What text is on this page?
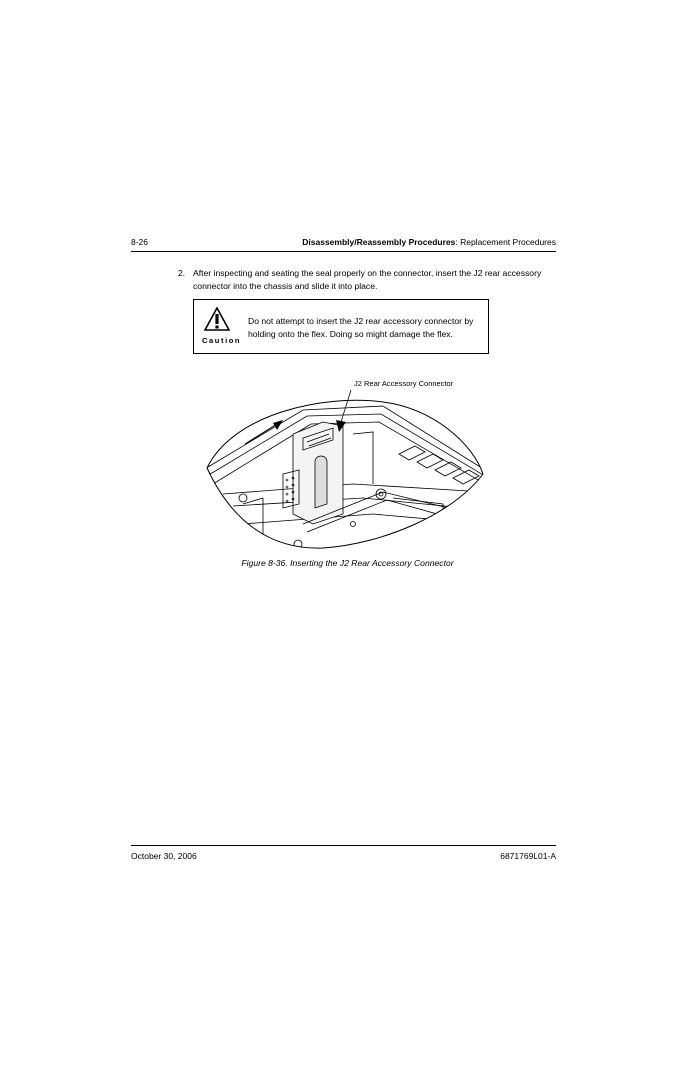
8-26	Disassembly/Reassembly Procedures: Replacement Procedures
2. After inspecting and seating the seal properly on the connector, insert the J2 rear accessory connector into the chassis and slide it into place.
Caution
Do not attempt to insert the J2 rear accessory connector by holding onto the flex. Doing so might damage the flex.
J2 Rear Accessory Connector
Figure 8-36. Inserting the J2 Rear Accessory Connector
October 30, 2006	6871769L01-A
